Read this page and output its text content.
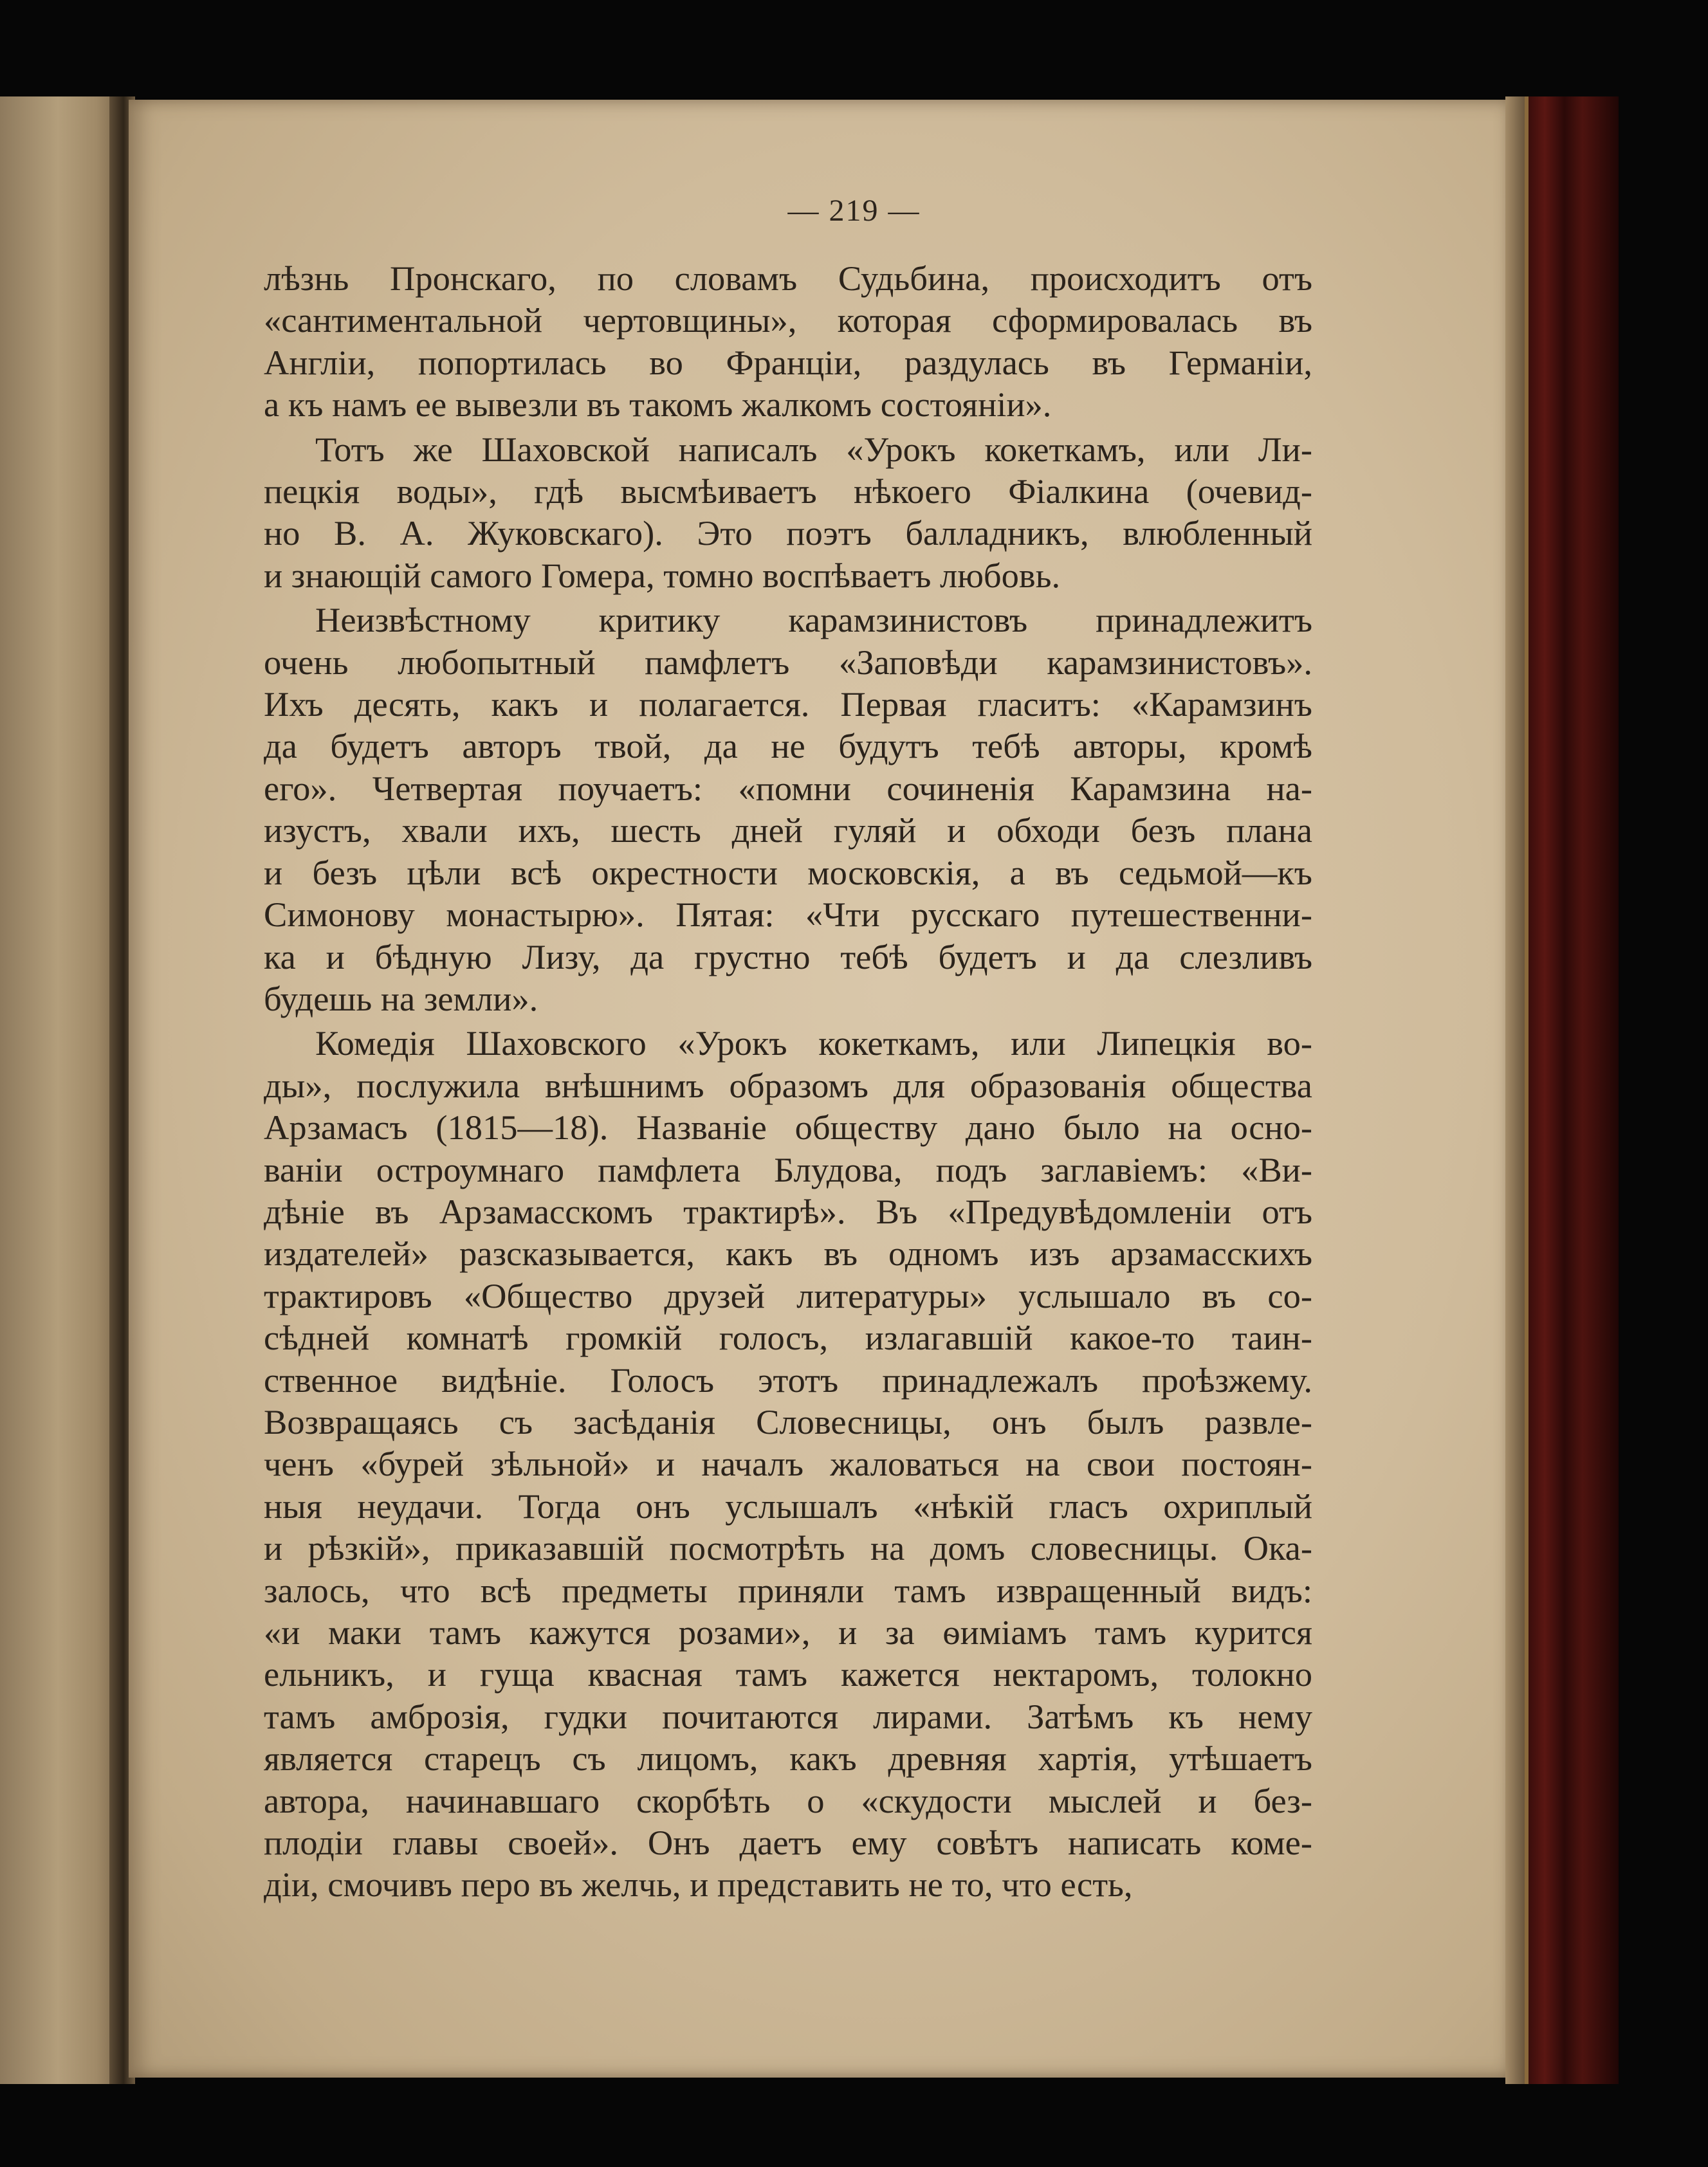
— 219 —
лѣзнь Пронскаго, по словамъ Судьбина, происходитъ отъ
«сантиментальной чертовщины», которая сформировалась въ
Англіи, попортилась во Франціи, раздулась въ Германіи,
а къ намъ ее вывезли въ такомъ жалкомъ состояніи».
Тотъ же Шаховской написалъ «Урокъ кокеткамъ, или Ли-
пецкія воды», гдѣ высмѣиваетъ нѣкоего Фіалкина (очевид-
но В. А. Жуковскаго). Это поэтъ балладникъ, влюбленный
и знающій самого Гомера, томно воспѣваетъ любовь.
Неизвѣстному критику карамзинистовъ принадлежитъ
очень любопытный памфлетъ «Заповѣди карамзинистовъ».
Ихъ десять, какъ и полагается. Первая гласитъ: «Карамзинъ
да будетъ авторъ твой, да не будутъ тебѣ авторы, кромѣ
его». Четвертая поучаетъ: «помни сочиненія Карамзина на-
изустъ, хвали ихъ, шесть дней гуляй и обходи безъ плана
и безъ цѣли всѣ окрестности московскія, а въ седьмой—къ
Симонову монастырю». Пятая: «Чти русскаго путешественни-
ка и бѣдную Лизу, да грустно тебѣ будетъ и да слезливъ
будешь на земли».
Комедія Шаховского «Урокъ кокеткамъ, или Липецкія во-
ды», послужила внѣшнимъ образомъ для образованія общества
Арзамасъ (1815—18). Названіе обществу дано было на осно-
ваніи остроумнаго памфлета Блудова, подъ заглавіемъ: «Ви-
дѣніе въ Арзамасскомъ трактирѣ». Въ «Предувѣдомленіи отъ
издателей» разсказывается, какъ въ одномъ изъ арзамасскихъ
трактировъ «Общество друзей литературы» услышало въ со-
сѣдней комнатѣ громкій голосъ, излагавшій какое-то таин-
ственное видѣніе. Голосъ этотъ принадлежалъ проѣзжему.
Возвращаясь съ засѣданія Словесницы, онъ былъ развле-
ченъ «бурей зѣльной» и началъ жаловаться на свои постоян-
ныя неудачи. Тогда онъ услышалъ «нѣкій гласъ охриплый
и рѣзкій», приказавшій посмотрѣть на домъ словесницы. Ока-
залось, что всѣ предметы приняли тамъ извращенный видъ:
«и маки тамъ кажутся розами», и за ѳиміамъ тамъ курится
ельникъ, и гуща квасная тамъ кажется нектаромъ, толокно
тамъ амброзія, гудки почитаются лирами. Затѣмъ къ нему
является старецъ съ лицомъ, какъ древняя хартія, утѣшаетъ
автора, начинавшаго скорбѣть о «скудости мыслей и без-
плодіи главы своей». Онъ даетъ ему совѣтъ написать коме-
діи, смочивъ перо въ желчь, и представить не то, что есть,
